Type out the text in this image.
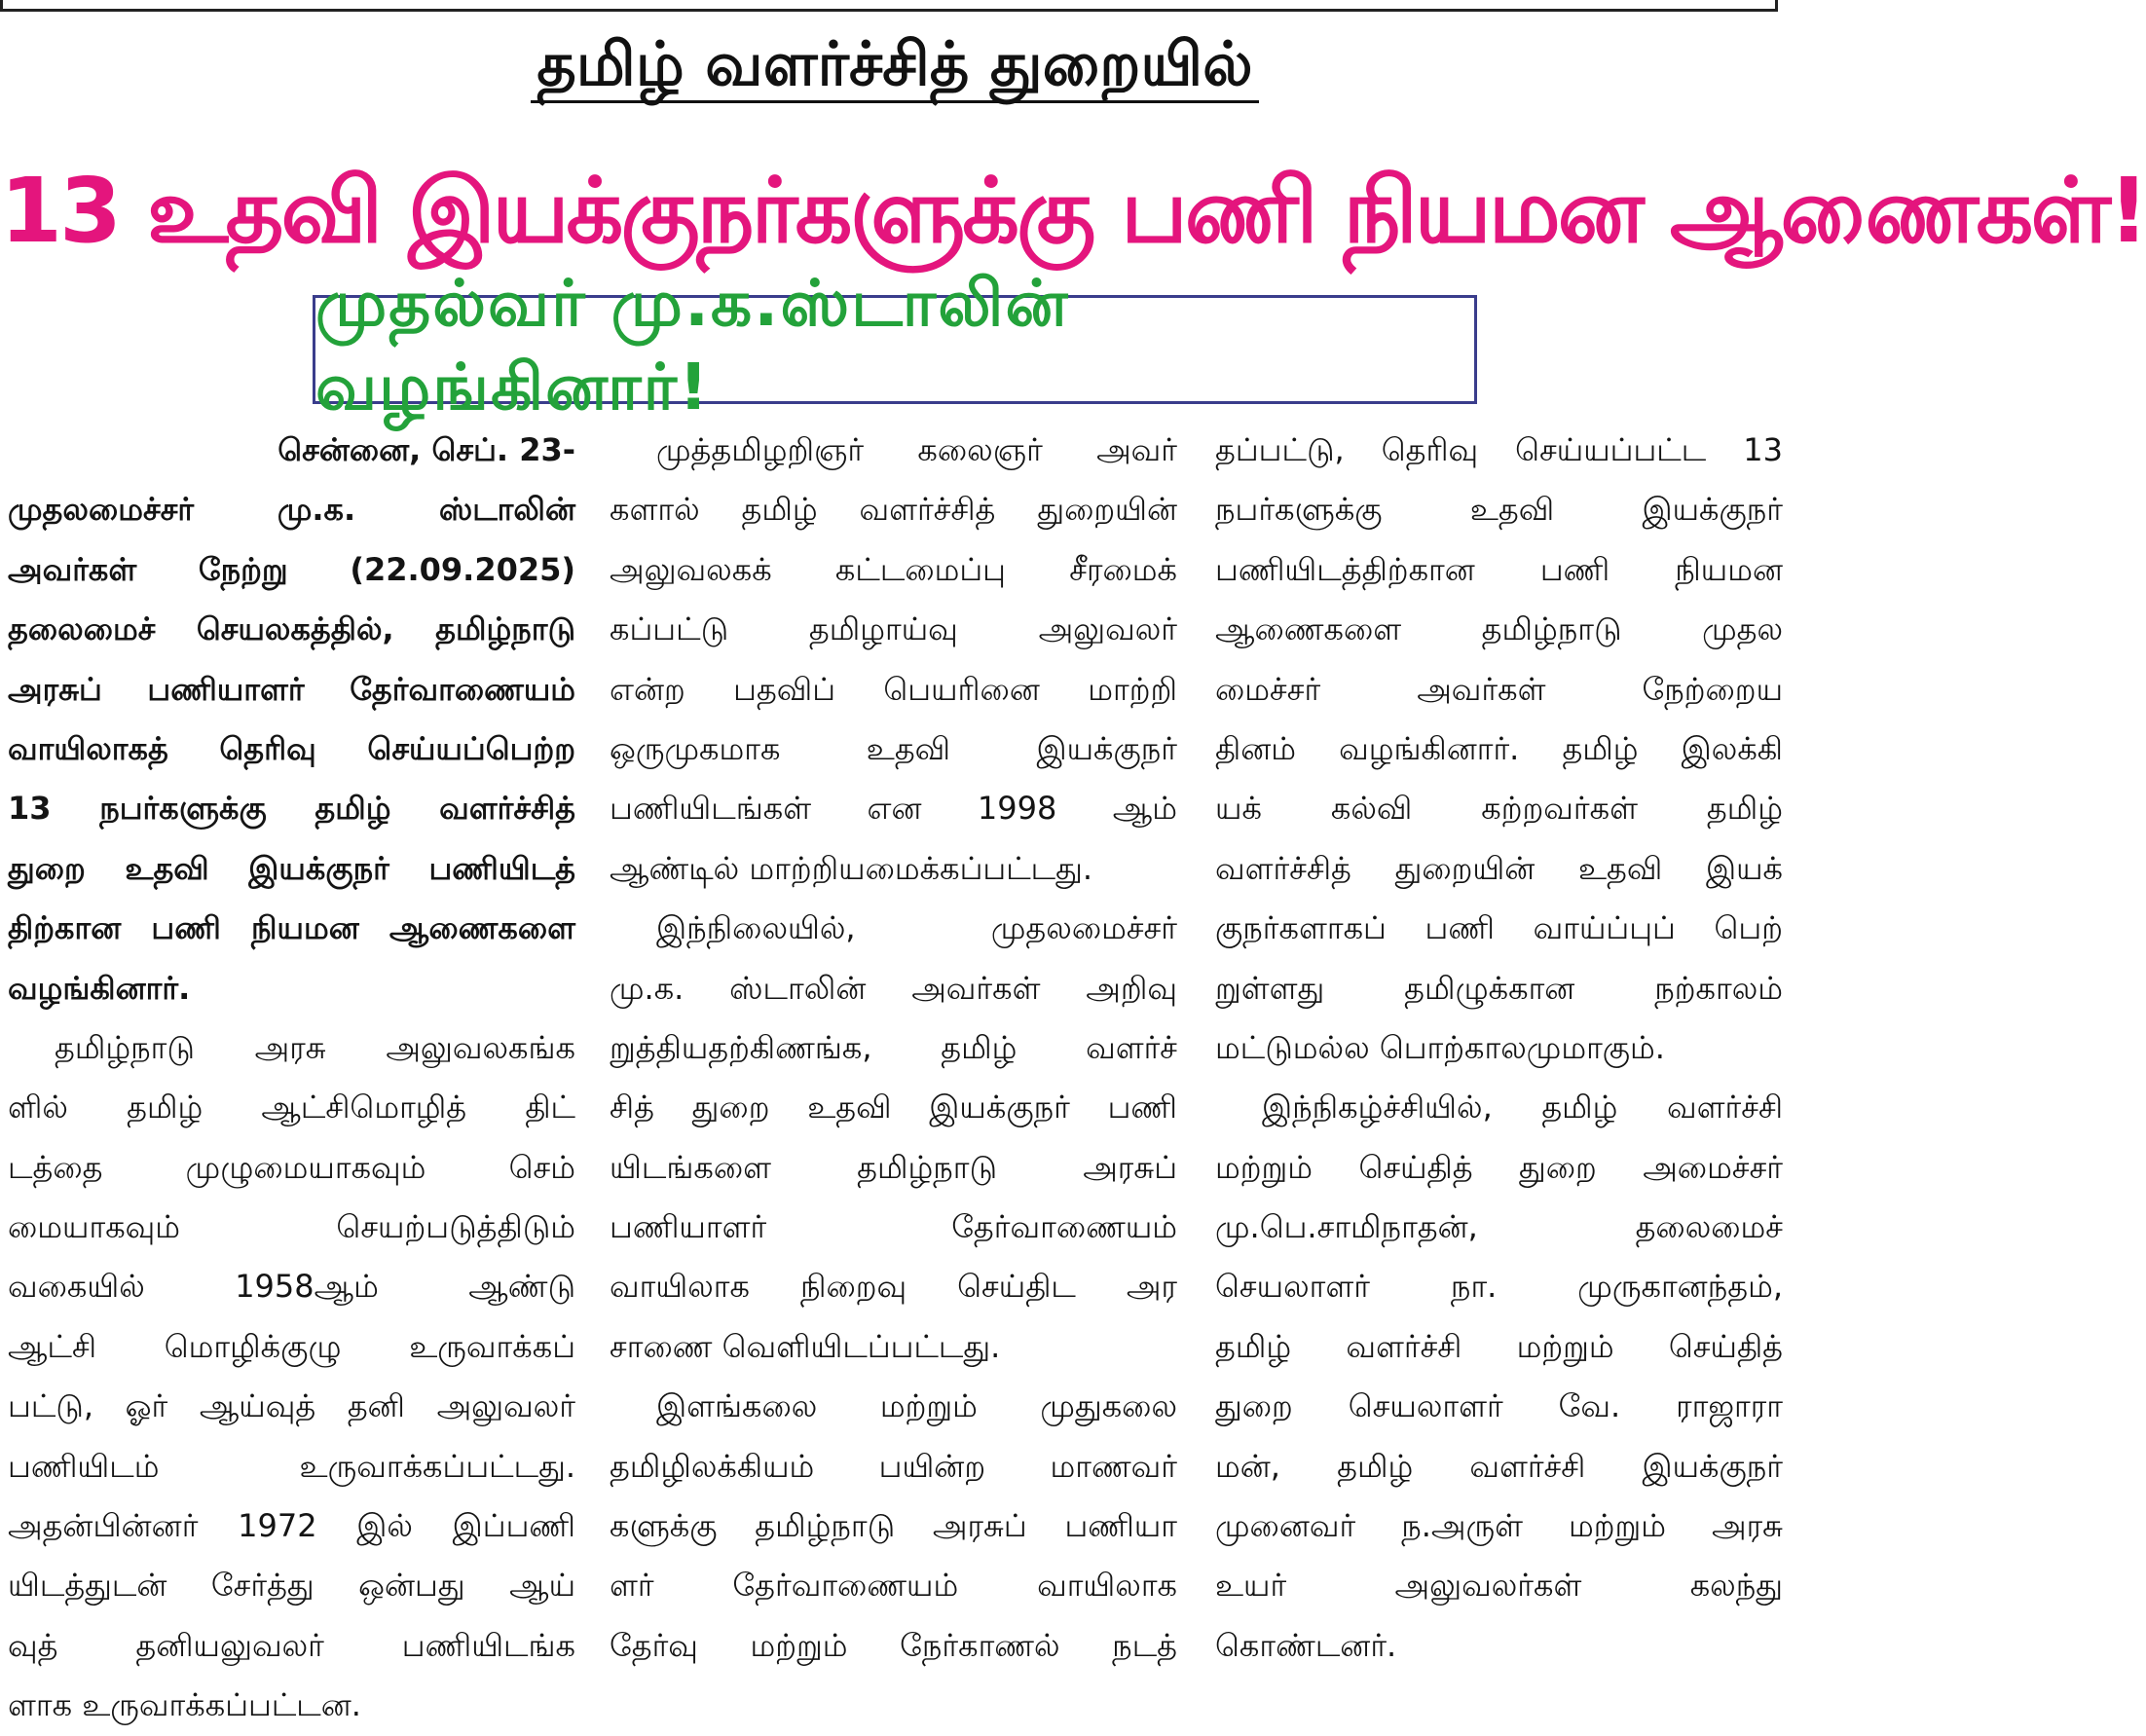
தமிழ் வளர்ச்சித் துறையில்
13 உதவி இயக்குநர்களுக்கு பணி நியமன ஆணைகள்!
முதல்வர் மு.க.ஸ்டாலின் வழங்கினார்!
சென்னை, செப். 23-
முதலமைச்சர் மு.க. ஸ்டாலின்
அவர்கள் நேற்று (22.09.2025)
தலைமைச் செயலகத்தில், தமிழ்நாடு
அரசுப் பணியாளர் தேர்வாணையம்
வாயிலாகத் தெரிவு செய்யப்பெற்ற
13 நபர்களுக்கு தமிழ் வளர்ச்சித்
துறை உதவி இயக்குநர் பணியிடத்
திற்கான பணி நியமன ஆணைகளை
வழங்கினார்.
தமிழ்நாடு அரசு அலுவலகங்க
ளில் தமிழ் ஆட்சிமொழித் திட்
டத்தை முழுமையாகவும் செம்
மையாகவும் செயற்படுத்திடும்
வகையில் 1958ஆம் ஆண்டு
ஆட்சி மொழிக்குழு உருவாக்கப்
பட்டு, ஓர் ஆய்வுத் தனி அலுவலர்
பணியிடம் உருவாக்கப்பட்டது.
அதன்பின்னர் 1972 இல் இப்பணி
யிடத்துடன் சேர்த்து ஒன்பது ஆய்
வுத் தனியலுவலர் பணியிடங்க
ளாக உருவாக்கப்பட்டன.
முத்தமிழறிஞர் கலைஞர் அவர்
களால் தமிழ் வளர்ச்சித் துறையின்
அலுவலகக் கட்டமைப்பு சீரமைக்
கப்பட்டு தமிழாய்வு அலுவலர்
என்ற பதவிப் பெயரினை மாற்றி
ஒருமுகமாக உதவி இயக்குநர்
பணியிடங்கள் என 1998 ஆம்
ஆண்டில் மாற்றியமைக்கப்பட்டது.
இந்நிலையில், முதலமைச்சர்
மு.க. ஸ்டாலின் அவர்கள் அறிவு
றுத்தியதற்கிணங்க, தமிழ் வளர்ச்
சித் துறை உதவி இயக்குநர் பணி
யிடங்களை தமிழ்நாடு அரசுப்
பணியாளர் தேர்வாணையம்
வாயிலாக நிறைவு செய்திட அர
சாணை வெளியிடப்பட்டது.
இளங்கலை மற்றும் முதுகலை
தமிழிலக்கியம் பயின்ற மாணவர்
களுக்கு தமிழ்நாடு அரசுப் பணியா
ளர் தேர்வாணையம் வாயிலாக
தேர்வு மற்றும் நேர்காணல் நடத்
தப்பட்டு, தெரிவு செய்யப்பட்ட 13
நபர்களுக்கு உதவி இயக்குநர்
பணியிடத்திற்கான பணி நியமன
ஆணைகளை தமிழ்நாடு முதல
மைச்சர் அவர்கள் நேற்றைய
தினம் வழங்கினார். தமிழ் இலக்கி
யக் கல்வி கற்றவர்கள் தமிழ்
வளர்ச்சித் துறையின் உதவி இயக்
குநர்களாகப் பணி வாய்ப்புப் பெற்
றுள்ளது தமிழுக்கான நற்காலம்
மட்டுமல்ல பொற்காலமுமாகும்.
இந்நிகழ்ச்சியில், தமிழ் வளர்ச்சி
மற்றும் செய்தித் துறை அமைச்சர்
மு.பெ.சாமிநாதன், தலைமைச்
செயலாளர் நா. முருகானந்தம்,
தமிழ் வளர்ச்சி மற்றும் செய்தித்
துறை செயலாளர் வே. ராஜாரா
மன், தமிழ் வளர்ச்சி இயக்குநர்
முனைவர் ந.அருள் மற்றும் அரசு
உயர் அலுவலர்கள் கலந்து
கொண்டனர்.
